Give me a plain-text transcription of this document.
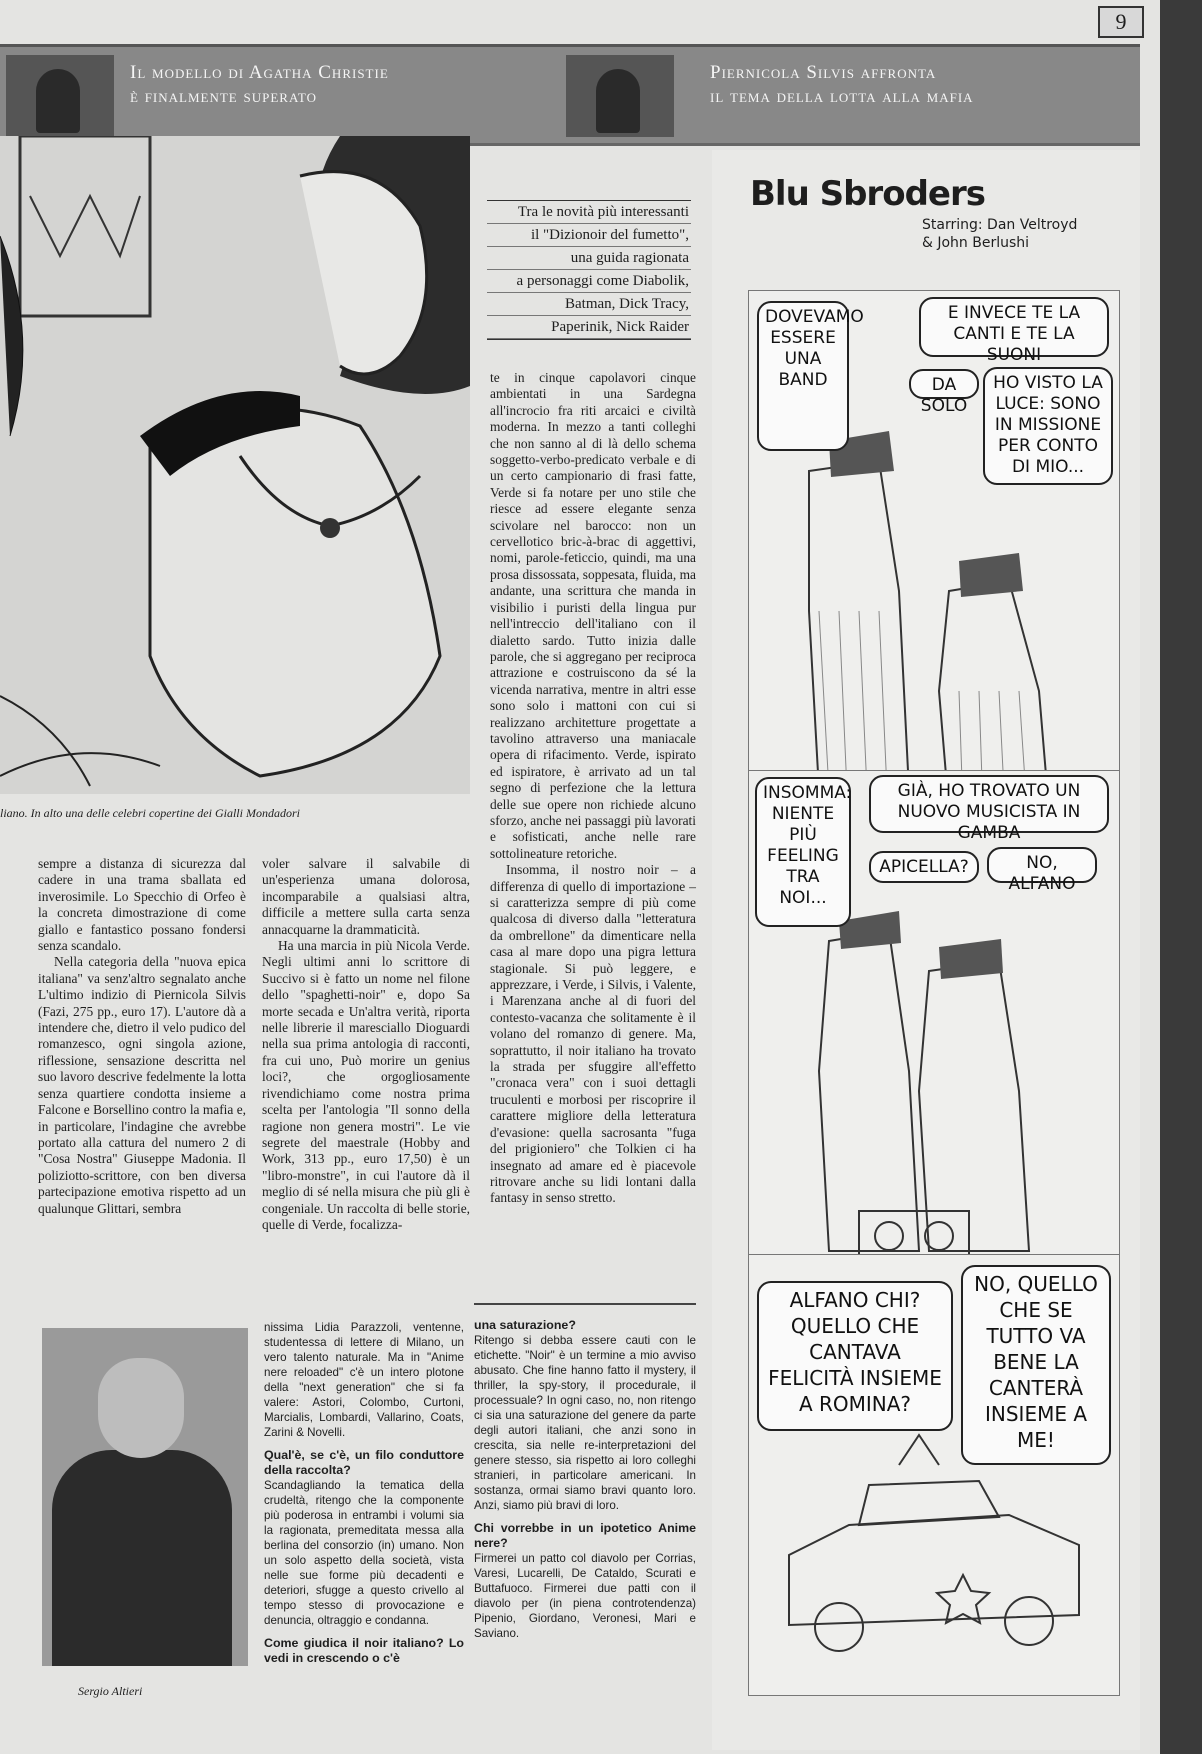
Il modello di Agatha Christie
è finalmente superato
Piernicola Silvis affronta
il tema della lotta alla mafia
9
liano. In alto una delle celebri copertine dei Gialli Mondadori
Tra le novità più interessanti
il "Dizionoir del fumetto",
una guida ragionata
a personaggi come Diabolik,
Batman, Dick Tracy,
Paperinik, Nick Raider

sempre a distanza di sicurezza dal cadere in una trama sballata ed inverosimile. Lo Specchio di Orfeo è la concreta dimostrazione di come giallo e fantastico possano fondersi senza scandalo.

Nella categoria della "nuova epica italiana" va senz'altro segnalato anche L'ultimo indizio di Piernicola Silvis (Fazi, 275 pp., euro 17). L'autore dà a intendere che, dietro il velo pudico del romanzesco, ogni singola azione, riflessione, sensazione descritta nel suo lavoro descrive fedelmente la lotta senza quartiere condotta insieme a Falcone e Borsellino contro la mafia e, in particolare, l'indagine che avrebbe portato alla cattura del numero 2 di "Cosa Nostra" Giuseppe Madonia. Il poliziotto-scrittore, con ben diversa partecipazione emotiva rispetto ad un qualunque Glittari, sembra

voler salvare il salvabile di un'esperienza umana dolorosa, incomparabile a qualsiasi altra, difficile a mettere sulla carta senza annacquarne la drammaticità.

Ha una marcia in più Nicola Verde. Negli ultimi anni lo scrittore di Succivo si è fatto un nome nel filone dello "spaghetti-noir" e, dopo Sa morte secada e Un'altra verità, riporta nelle librerie il maresciallo Dioguardi nella sua prima antologia di racconti, fra cui uno, Può morire un genius loci?, che orgogliosamente rivendichiamo come nostra prima scelta per l'antologia "Il sonno della ragione non genera mostri". Le vie segrete del maestrale (Hobby and Work, 313 pp., euro 17,50) è un "libro-monstre", in cui l'autore dà il meglio di sé nella misura che più gli è congeniale. Un raccolta di belle storie, quelle di Verde, focalizza-

te in cinque capolavori cinque ambientati in una Sardegna all'incrocio fra riti arcaici e civiltà moderna. In mezzo a tanti colleghi che non sanno al di là dello schema soggetto-verbo-predicato verbale e di un certo campionario di frasi fatte, Verde si fa notare per uno stile che riesce ad essere elegante senza scivolare nel barocco: non un cervellotico bric-à-brac di aggettivi, nomi, parole-feticcio, quindi, ma una prosa dissossata, soppesata, fluida, ma andante, una scrittura che manda in visibilio i puristi della lingua pur nell'intreccio dell'italiano con il dialetto sardo. Tutto inizia dalle parole, che si aggregano per reciproca attrazione e costruiscono da sé la vicenda narrativa, mentre in altri esse sono solo i mattoni con cui si realizzano architetture progettate a tavolino attraverso una maniacale opera di rifacimento. Verde, ispirato ed ispiratore, è arrivato ad un tal segno di perfezione che la lettura delle sue opere non richiede alcuno sforzo, anche nei passaggi più lavorati e sofisticati, anche nelle rare sottolineature retoriche.

Insomma, il nostro noir – a differenza di quello di importazione – si caratterizza sempre di più come qualcosa di diverso dalla "letteratura da ombrellone" da dimenticare nella casa al mare dopo una pigra lettura stagionale. Si può leggere, e apprezzare, i Verde, i Silvis, i Valente, i Marenzana anche al di fuori del contesto-vacanza che solitamente è il volano del romanzo di genere. Ma, soprattutto, il noir italiano ha trovato la strada per sfuggire all'effetto "cronaca vera" con i suoi dettagli truculenti e morbosi per riscoprire il carattere migliore della letteratura d'evasione: quella sacrosanta "fuga del prigioniero" che Tolkien ci ha insegnato ad amare ed è piacevole ritrovare anche su lidi lontani dalla fantasy in senso stretto.

Sergio Altieri
nissima Lidia Parazzoli, ventenne, studentessa di lettere di Milano, un vero talento naturale. Ma in "Anime nere reloaded" c'è un intero plotone della "next generation" che si fa valere: Astori, Colombo, Curtoni, Marcialis, Lombardi, Vallarino, Coats, Zarini & Novelli.
Qual'è, se c'è, un filo conduttore della raccolta?
Scandagliando la tematica della crudeltà, ritengo che la componente più poderosa in entrambi i volumi sia la ragionata, premeditata messa alla berlina del consorzio (in) umano. Non un solo aspetto della società, vista nelle sue forme più decadenti e deteriori, sfugge a questo crivello al tempo stesso di provocazione e denuncia, oltraggio e condanna.
Come giudica il noir italiano? Lo vedi in crescendo o c'è
una saturazione?
Ritengo si debba essere cauti con le etichette. "Noir" è un termine a mio avviso abusato. Che fine hanno fatto il mystery, il thriller, la spy-story, il procedurale, il processuale? In ogni caso, no, non ritengo ci sia una saturazione del genere da parte degli autori italiani, che anzi sono in crescita, sia nelle re-interpretazioni del genere stesso, sia rispetto ai loro colleghi stranieri, in particolare americani. In sostanza, ormai siamo bravi quanto loro. Anzi, siamo più bravi di loro.
Chi vorrebbe in un ipotetico Anime nere?
Firmerei un patto col diavolo per Corrias, Varesi, Lucarelli, De Cataldo, Scurati e Buttafuoco. Firmerei due patti con il diavolo per (in piena controtendenza) Pipenio, Giordano, Veronesi, Mari e Saviano.
Blu Sbroders
Starring: Dan Veltroyd
& John Berlushi
DOVEVAMO ESSERE UNA BAND
E INVECE TE LA CANTI E TE LA SUONI
DA SOLO
HO VISTO LA LUCE: SONO IN MISSIONE PER CONTO DI MIO...
INSOMMA: NIENTE PIÙ FEELING TRA NOI...
GIÀ, HO TROVATO UN NUOVO MUSICISTA IN GAMBA
APICELLA?	NO, ALFANO
ALFANO CHI? QUELLO CHE CANTAVA FELICITÀ INSIEME A ROMINA?
NO, QUELLO CHE SE TUTTO VA BENE LA CANTERÀ INSIEME A ME!
